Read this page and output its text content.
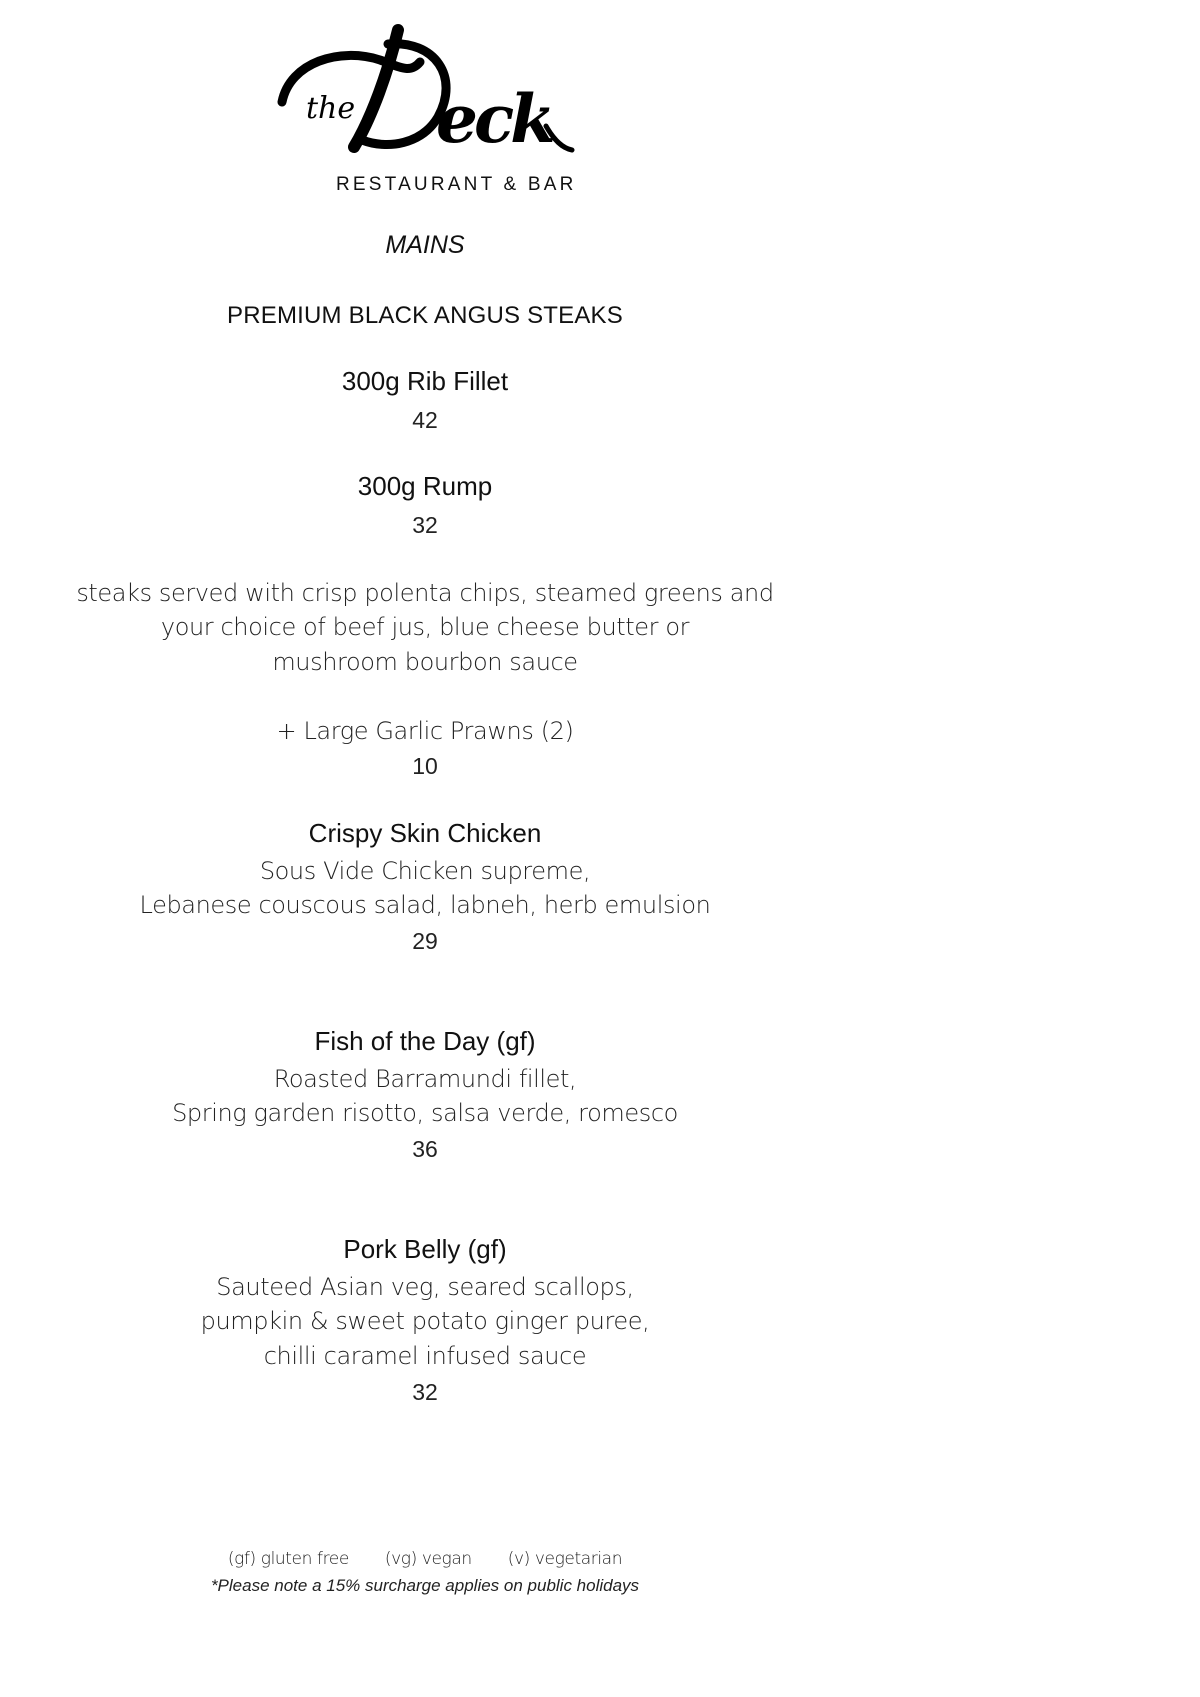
the eck
RESTAURANT & BAR
MAINS
PREMIUM BLACK ANGUS STEAKS
300g Rib Fillet
42
300g Rump
32
steaks served with crisp polenta chips, steamed greens and
your choice of beef jus, blue cheese butter or
mushroom bourbon sauce
+ Large Garlic Prawns (2)
10
Crispy Skin Chicken
Sous Vide Chicken supreme,
Lebanese couscous salad, labneh, herb emulsion
29
Fish of the Day (gf)
Roasted Barramundi fillet,
Spring garden risotto, salsa verde, romesco
36
Pork Belly (gf)
Sauteed Asian veg, seared scallops,
pumpkin & sweet potato ginger puree,
chilli caramel infused sauce
32
(gf) gluten free (vg) vegan (v) vegetarian
*Please note a 15% surcharge applies on public holidays
